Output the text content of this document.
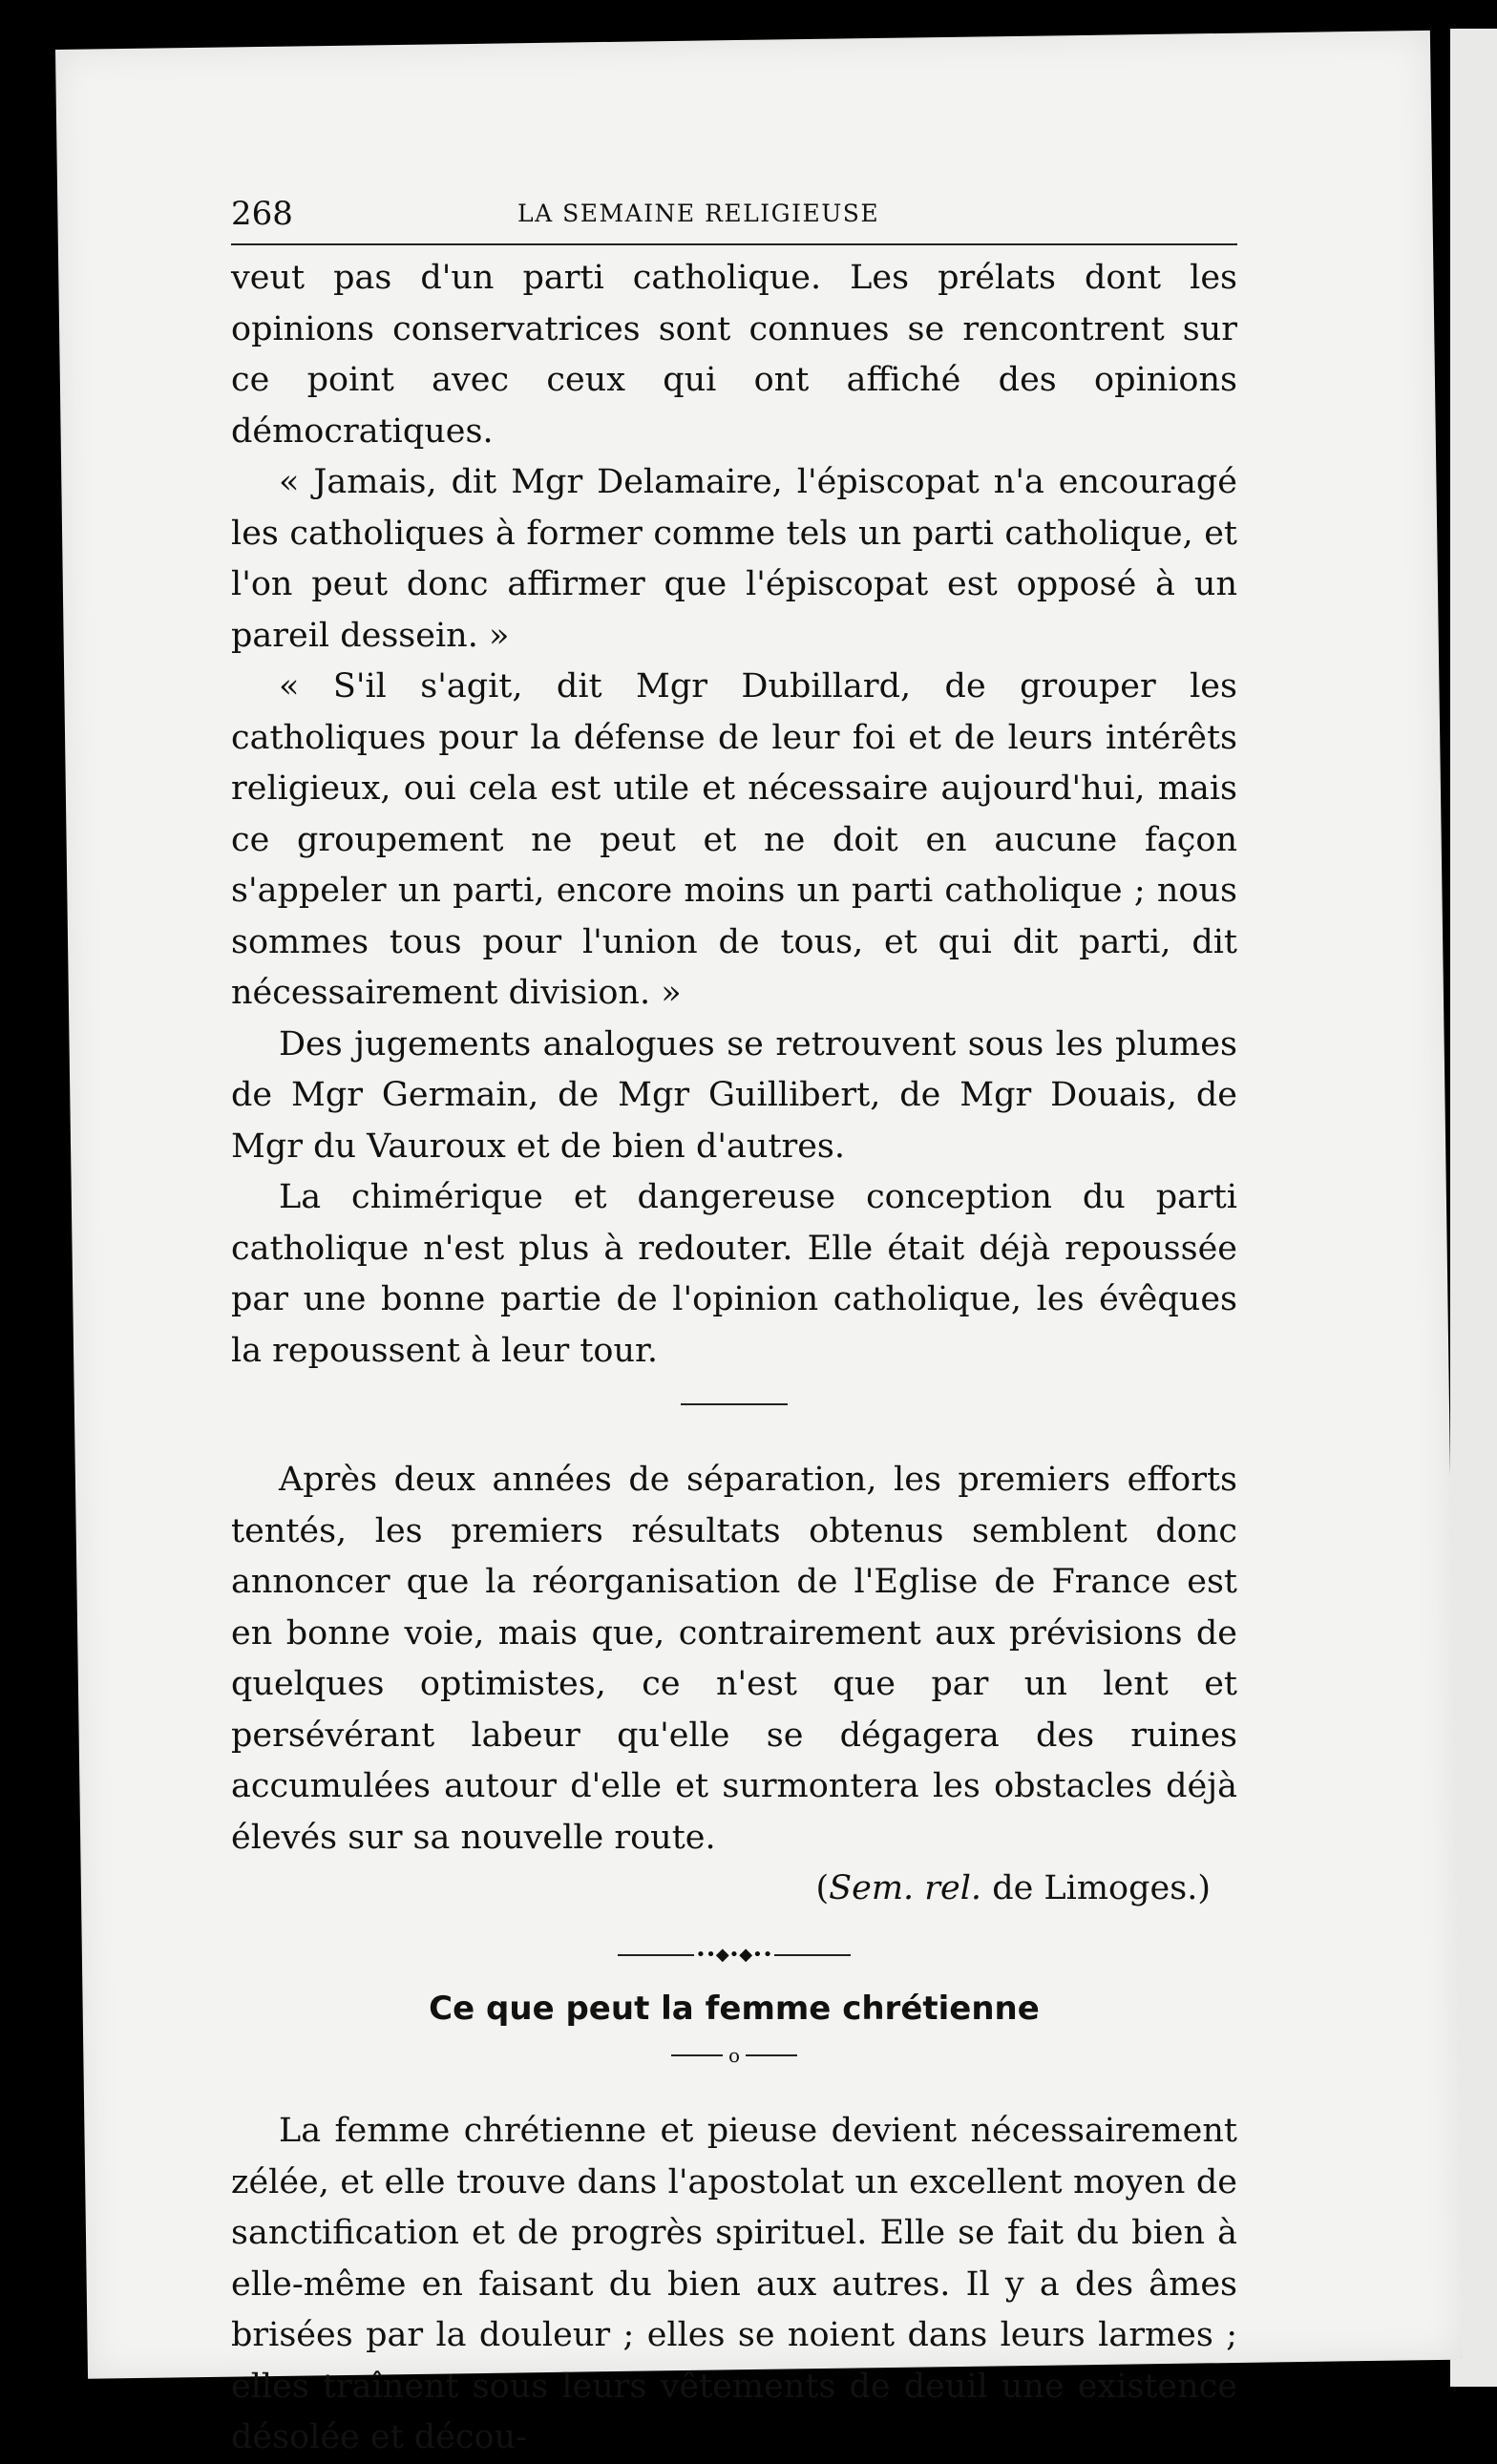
268	LA SEMAINE RELIGIEUSE

veut pas d'un parti catholique. Les prélats dont les opinions conservatrices sont connues se rencontrent sur ce point avec ceux qui ont affiché des opinions démocratiques.

« Jamais, dit Mgr Delamaire, l'épiscopat n'a encouragé les catholiques à former comme tels un parti catholique, et l'on peut donc affirmer que l'épiscopat est opposé à un pareil dessein. »

« S'il s'agit, dit Mgr Dubillard, de grouper les catholiques pour la défense de leur foi et de leurs intérêts religieux, oui cela est utile et nécessaire aujourd'hui, mais ce groupement ne peut et ne doit en aucune façon s'appeler un parti, encore moins un parti catholique ; nous sommes tous pour l'union de tous, et qui dit parti, dit nécessairement division. »

Des jugements analogues se retrouvent sous les plumes de Mgr Germain, de Mgr Guillibert, de Mgr Douais, de Mgr du Vauroux et de bien d'autres.

La chimérique et dangereuse conception du parti catholique n'est plus à redouter. Elle était déjà repoussée par une bonne partie de l'opinion catholique, les évêques la repoussent à leur tour.

Après deux années de séparation, les premiers efforts tentés, les premiers résultats obtenus semblent donc annoncer que la réorganisation de l'Eglise de France est en bonne voie, mais que, contrairement aux prévisions de quelques optimistes, ce n'est que par un lent et persévérant labeur qu'elle se dégagera des ruines accumulées autour d'elle et surmontera les obstacles déjà élevés sur sa nouvelle route.

(Sem. rel. de Limoges.)

••◆•◆••
Ce que peut la femme chrétienne
o

La femme chrétienne et pieuse devient nécessairement zélée, et elle trouve dans l'apostolat un excellent moyen de sanctification et de progrès spirituel. Elle se fait du bien à elle-même en faisant du bien aux autres. Il y a des âmes brisées par la douleur ; elles se noient dans leurs larmes ; elles traînent sous leurs vêtements de deuil une existence désolée et décou-
